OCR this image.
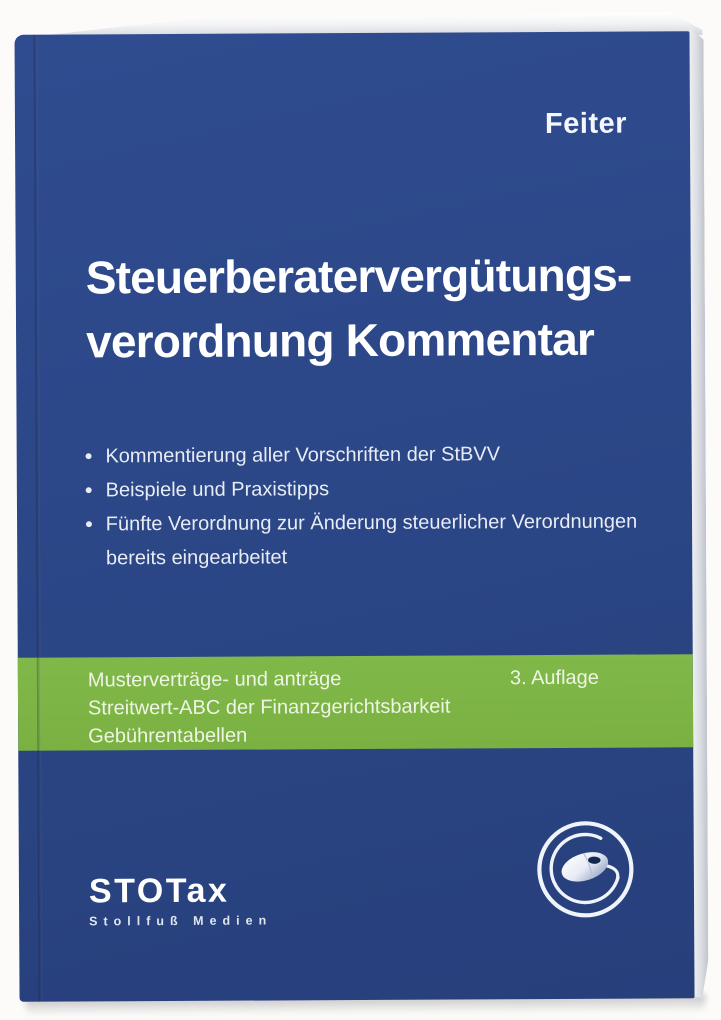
Feiter
Steuerberatervergütungs-
verordnung Kommentar
• Kommentierung aller Vorschriften der StBVV
• Beispiele und Praxistipps
• Fünfte Verordnung zur Änderung steuerlicher Verordnungen bereits eingearbeitet
Musterverträge- und anträge	3. Auflage
Streitwert-ABC der Finanzgerichtsbarkeit
Gebührentabellen
STOTax
Stollfuß Medien
